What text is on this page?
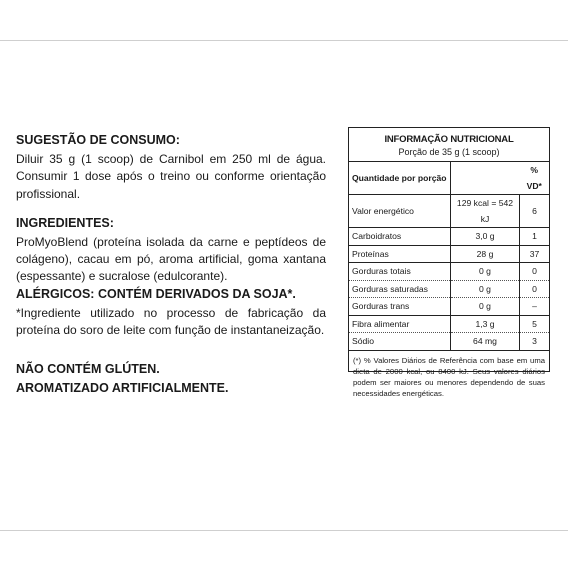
SUGESTÃO DE CONSUMO:

Diluir 35 g (1 scoop) de Carnibol em 250 ml de água. Consumir 1 dose após o treino ou conforme orientação profissional.

INGREDIENTES:

ProMyoBlend (proteína isolada da carne e peptídeos de colágeno), cacau em pó, aroma artificial, goma xantana (espessante) e sucralose (edulcorante).

ALÉRGICOS: CONTÉM DERIVADOS DA SOJA*.

*Ingrediente utilizado no processo de fabricação da proteína do soro de leite com função de instantaneização.

NÃO CONTÉM GLÚTEN.

AROMATIZADO ARTIFICIALMENTE.

INFORMAÇÃO NUTRICIONAL
Porção de 35 g (1 scoop)
Quantidade por porção		% VD*
Valor energético	129 kcal = 542 kJ	6
Carboidratos	3,0 g	1
Proteínas	28 g	37
Gorduras totais	0 g	0
Gorduras saturadas	0 g	0
Gorduras trans	0 g	–
Fibra alimentar	1,3 g	5
Sódio	64 mg	3
(*) % Valores Diários de Referência com base em uma dieta de 2000 kcal, ou 8400 kJ. Seus valores diários podem ser maiores ou menores dependendo de suas necessidades energéticas.
